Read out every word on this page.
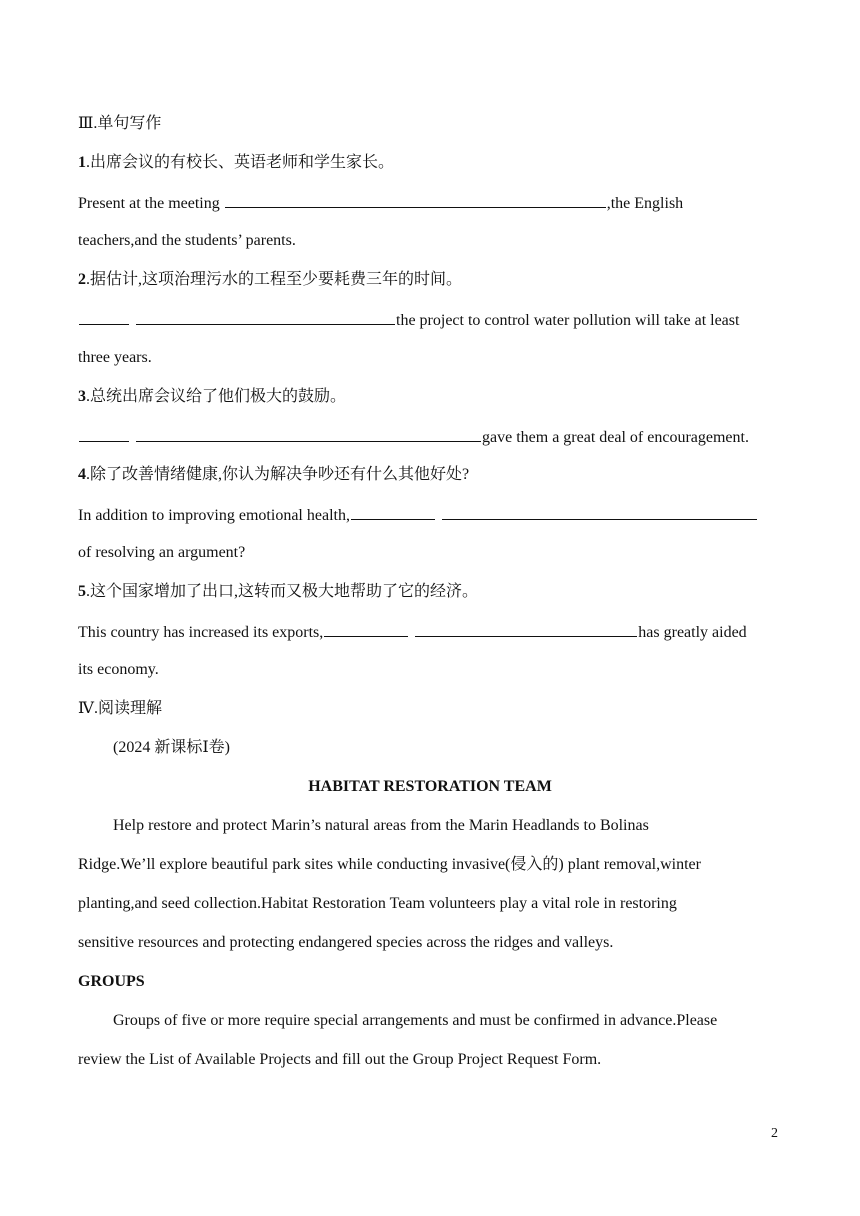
Ⅲ.单句写作
1.出席会议的有校长、英语老师和学生家长。
Present at the meeting	,the English
teachers,and the students’ parents.
2.据估计,这项治理污水的工程至少要耗费三年的时间。
the project to control water pollution will take at least
three years.
3.总统出席会议给了他们极大的鼓励。
gave them a great deal of encouragement.
4.除了改善情绪健康,你认为解决争吵还有什么其他好处?
In addition to improving emotional health,
of resolving an argument?
5.这个国家增加了出口,这转而又极大地帮助了它的经济。
This country has increased its exports,	has greatly aided
its economy.
Ⅳ.阅读理解
(2024 新课标Ⅰ卷)
HABITAT RESTORATION TEAM
Help restore and protect Marin’s natural areas from the Marin Headlands to Bolinas
Ridge.We’ll explore beautiful park sites while conducting invasive(侵入的) plant removal,winter
planting,and seed collection.Habitat Restoration Team volunteers play a vital role in restoring
sensitive resources and protecting endangered species across the ridges and valleys.
GROUPS
Groups of five or more require special arrangements and must be confirmed in advance.Please
review the List of Available Projects and fill out the Group Project Request Form.
2
